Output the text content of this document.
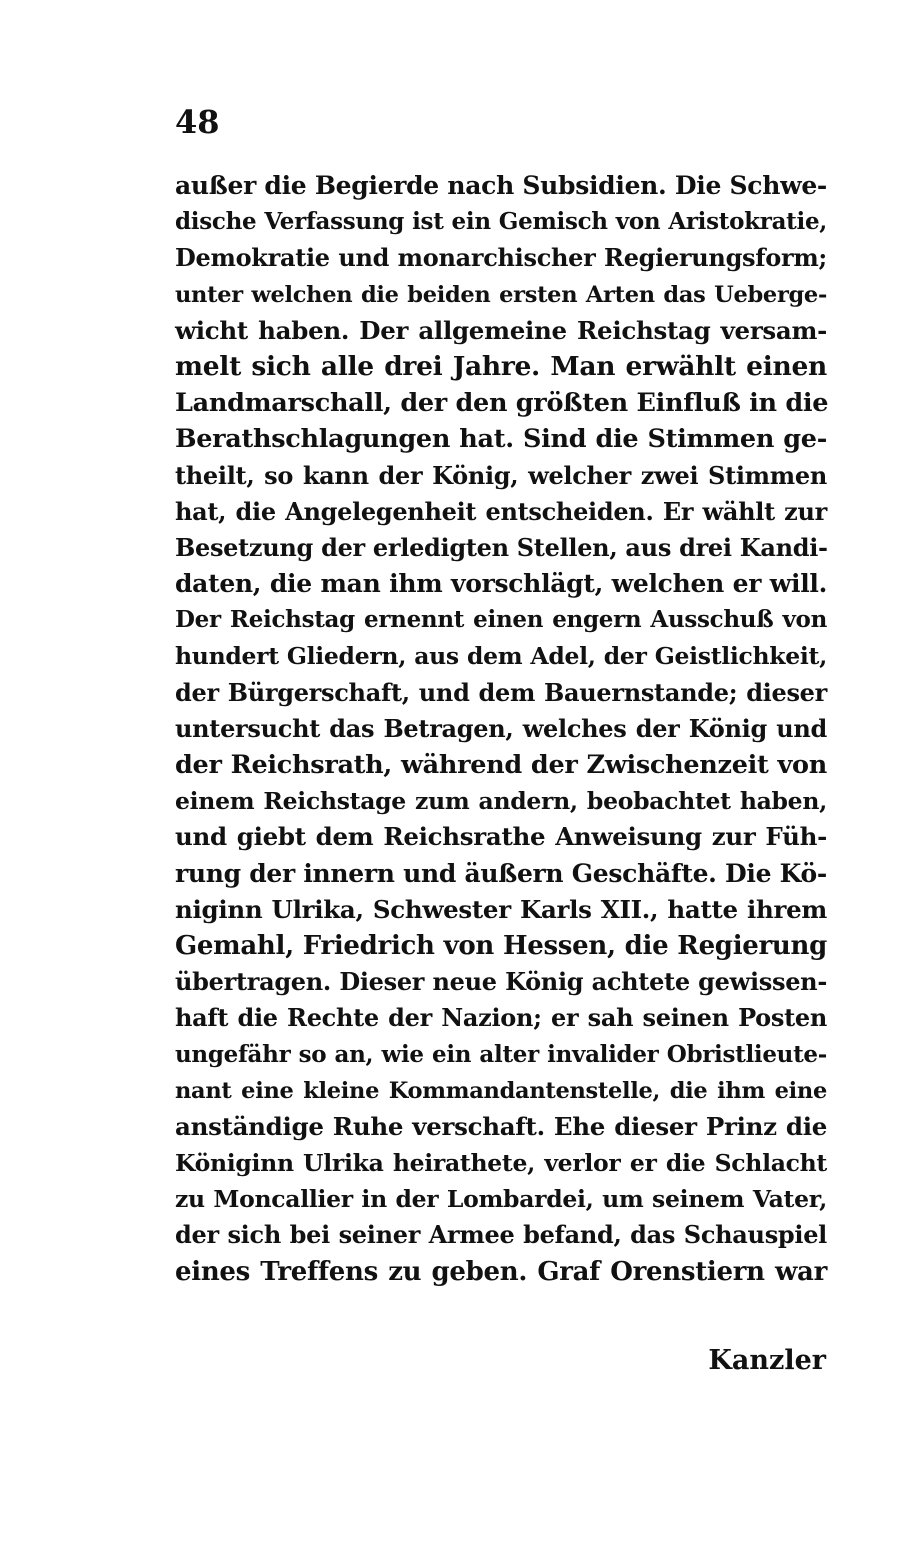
48
außer die Begierde nach Subsidien. Die Schwe-
dische Verfassung ist ein Gemisch von Aristokratie,
Demokratie und monarchischer Regierungsform;
unter welchen die beiden ersten Arten das Ueberge-
wicht haben. Der allgemeine Reichstag versam-
melt sich alle drei Jahre. Man erwählt einen
Landmarschall, der den größten Einfluß in die
Berathschlagungen hat. Sind die Stimmen ge-
theilt, so kann der König, welcher zwei Stimmen
hat, die Angelegenheit entscheiden. Er wählt zur
Besetzung der erledigten Stellen, aus drei Kandi-
daten, die man ihm vorschlägt, welchen er will.
Der Reichstag ernennt einen engern Ausschuß von
hundert Gliedern, aus dem Adel, der Geistlichkeit,
der Bürgerschaft, und dem Bauernstande; dieser
untersucht das Betragen, welches der König und
der Reichsrath, während der Zwischenzeit von
einem Reichstage zum andern, beobachtet haben,
und giebt dem Reichsrathe Anweisung zur Füh-
rung der innern und äußern Geschäfte. Die Kö-
niginn Ulrika, Schwester Karls XII., hatte ihrem
Gemahl, Friedrich von Hessen, die Regierung
übertragen. Dieser neue König achtete gewissen-
haft die Rechte der Nazion; er sah seinen Posten
ungefähr so an, wie ein alter invalider Obristlieute-
nant eine kleine Kommandantenstelle, die ihm eine
anständige Ruhe verschaft. Ehe dieser Prinz die
Königinn Ulrika heirathete, verlor er die Schlacht
zu Moncallier in der Lombardei, um seinem Vater,
der sich bei seiner Armee befand, das Schauspiel
eines Treffens zu geben. Graf Orenstiern war
Kanzler
